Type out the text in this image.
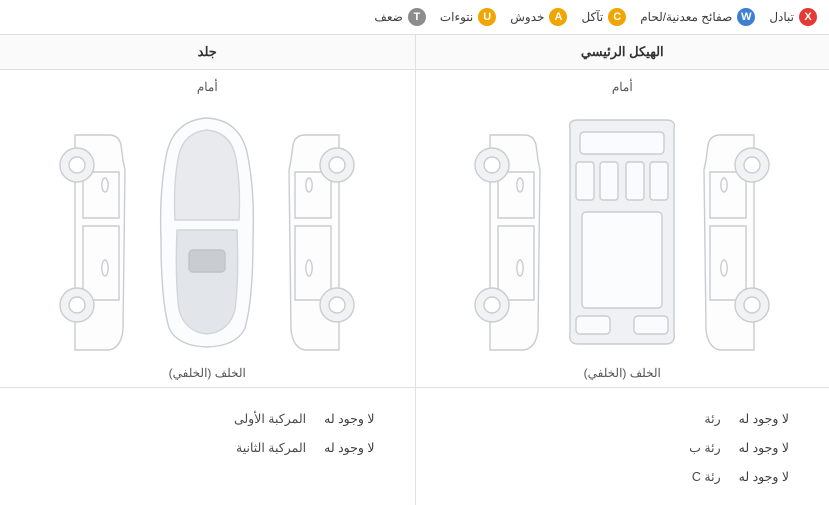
X
تبادل
W
صفائح معدنية/لحام
C
تآكل
A
خدوش
U
نتوءات
T
ضعف
الهيكل الرئيسي
جلد
أمام
الخلف (الخلفي)
أمام
الخلف (الخلفي)
لا وجود له
رئة
لا وجود له
رئة ب
لا وجود له
رئة C
لا وجود له
المركبة الأولى
لا وجود له
المركبة الثانية
